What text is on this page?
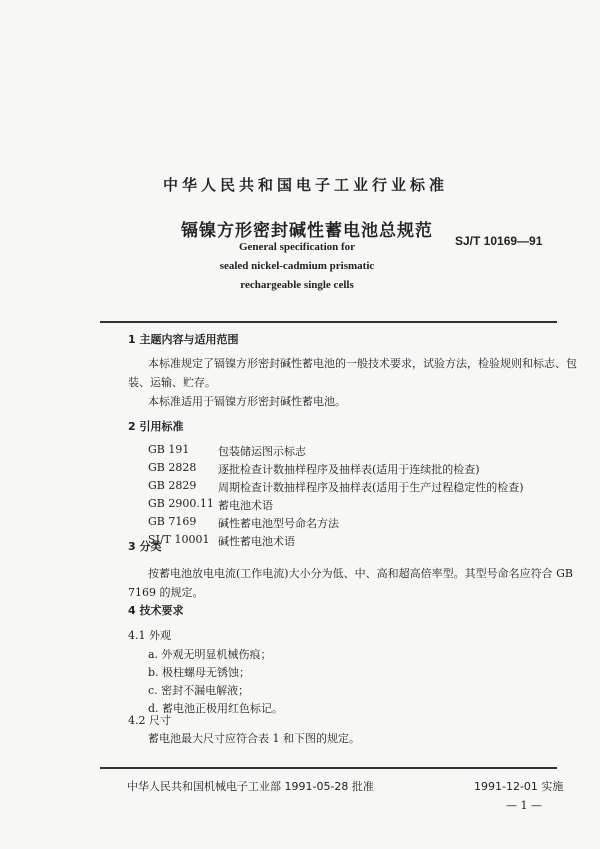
中华人民共和国电子工业行业标准
镉镍方形密封碱性蓄电池总规范 SJ/T 10169—91
General specification for
sealed nickel-cadmium prismatic
rechargeable single cells
1 主题内容与适用范围
本标准规定了镉镍方形密封碱性蓄电池的一般技术要求，试验方法，检验规则和标志、包
装、运输、贮存。
本标准适用于镉镍方形密封碱性蓄电池。
2 引用标准
GB 191	包装储运图示标志
GB 2828 逐批检查计数抽样程序及抽样表(适用于连续批的检查)
GB 2829 周期检查计数抽样程序及抽样表(适用于生产过程稳定性的检查)
GB 2900.11 蓄电池术语
GB 7169 碱性蓄电池型号命名方法
SJ/T 10001 碱性蓄电池术语
3 分类
按蓄电池放电电流(工作电流)大小分为低、中、高和超高倍率型。其型号命名应符合 GB
7169 的规定。
4 技术要求
4.1 外观
a. 外观无明显机械伤痕；
b. 极柱螺母无锈蚀；
c. 密封不漏电解液；
d. 蓄电池正极用红色标记。
4.2 尺寸
蓄电池最大尺寸应符合表 1 和下图的规定。
中华人民共和国机械电子工业部 1991-05-28 批准	1991-12-01 实施
— 1 —
